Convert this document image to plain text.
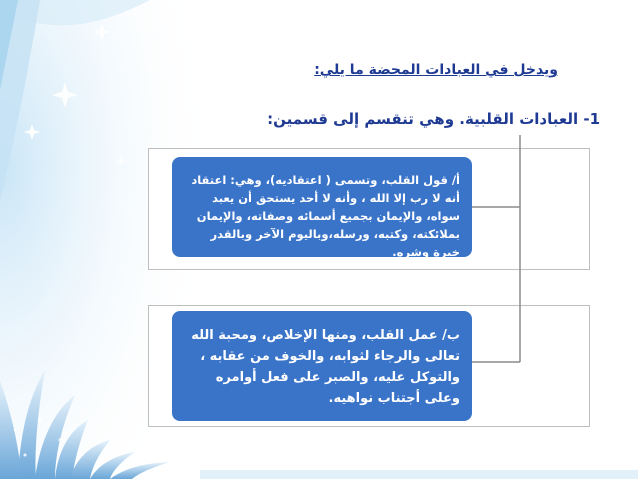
ويدخل في العبادات المحضة ما يلي:
1- العبادات القلبية. وهي تنقسم إلى قسمين:
أ/ قول القلب، وتسمى ( اعتقاديه)، وهي: اعتقاد أنه لا رب إلا الله ، وأنه لا أحد يستحق أن يعبد سواه، والإيمان بجميع أسمائه وصفاته، والإيمان بملائكته، وكتبه، ورسله،وباليوم الآخر وبالقدر خيرة وشره.
ب/ عمل القلب، ومنها الإخلاص، ومحبة الله تعالى والرجاء لثوابه، والخوف من عقابه ، والتوكل عليه، والصبر على فعل أوامره وعلى أجتناب نواهيه.
